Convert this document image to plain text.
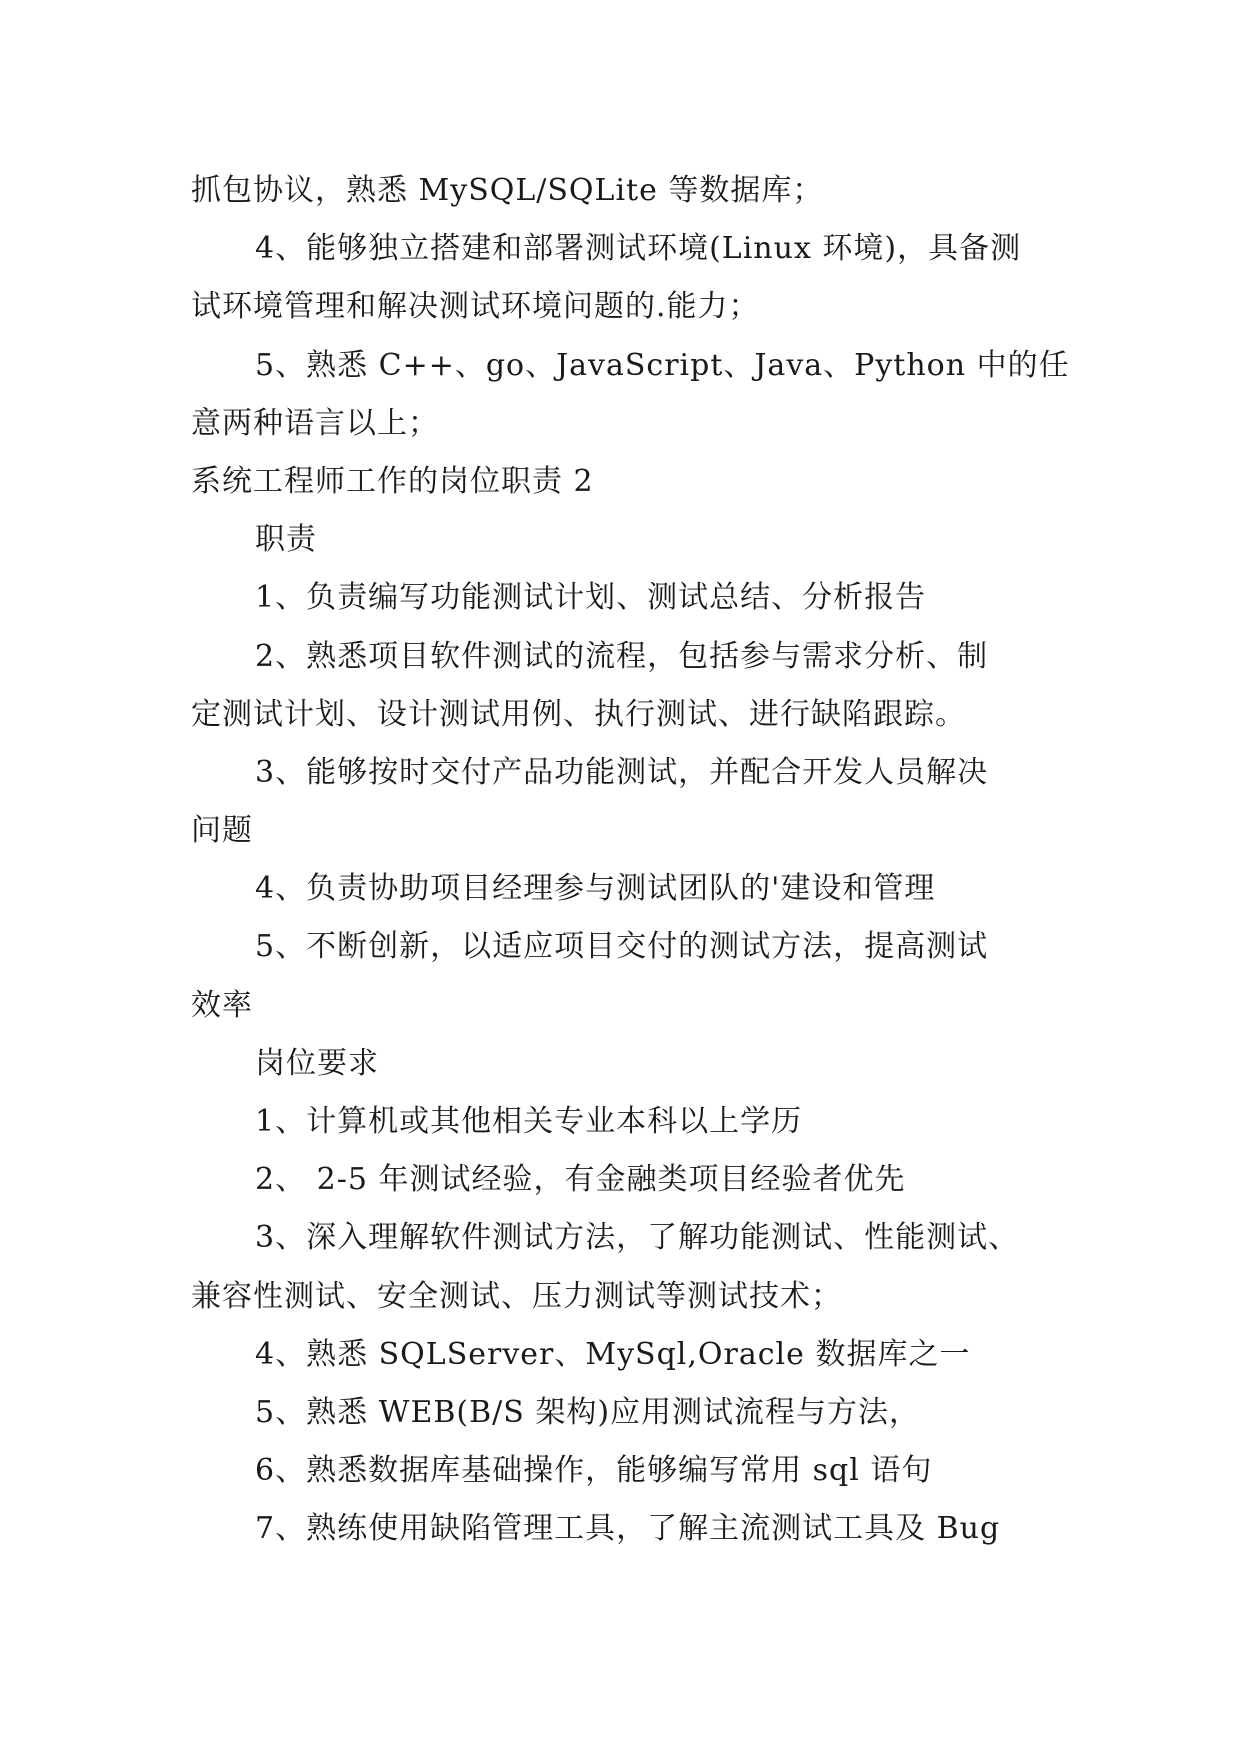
抓包协议，熟悉 MySQL/SQLite 等数据库；
4、能够独立搭建和部署测试环境(Linux 环境)，具备测
试环境管理和解决测试环境问题的.能力；
5、熟悉 C++、go、JavaScript、Java、Python 中的任
意两种语言以上；
系统工程师工作的岗位职责 2
职责
1、负责编写功能测试计划、测试总结、分析报告
2、熟悉项目软件测试的流程，包括参与需求分析、制
定测试计划、设计测试用例、执行测试、进行缺陷跟踪。
3、能够按时交付产品功能测试，并配合开发人员解决
问题
4、负责协助项目经理参与测试团队的'建设和管理
5、不断创新，以适应项目交付的测试方法，提高测试
效率
岗位要求
1、计算机或其他相关专业本科以上学历
2、 2-5 年测试经验，有金融类项目经验者优先
3、深入理解软件测试方法，了解功能测试、性能测试、
兼容性测试、安全测试、压力测试等测试技术；
4、熟悉 SQLServer、MySql,Oracle 数据库之一
5、熟悉 WEB(B/S 架构)应用测试流程与方法，
6、熟悉数据库基础操作，能够编写常用 sql 语句
7、熟练使用缺陷管理工具，了解主流测试工具及 Bug
